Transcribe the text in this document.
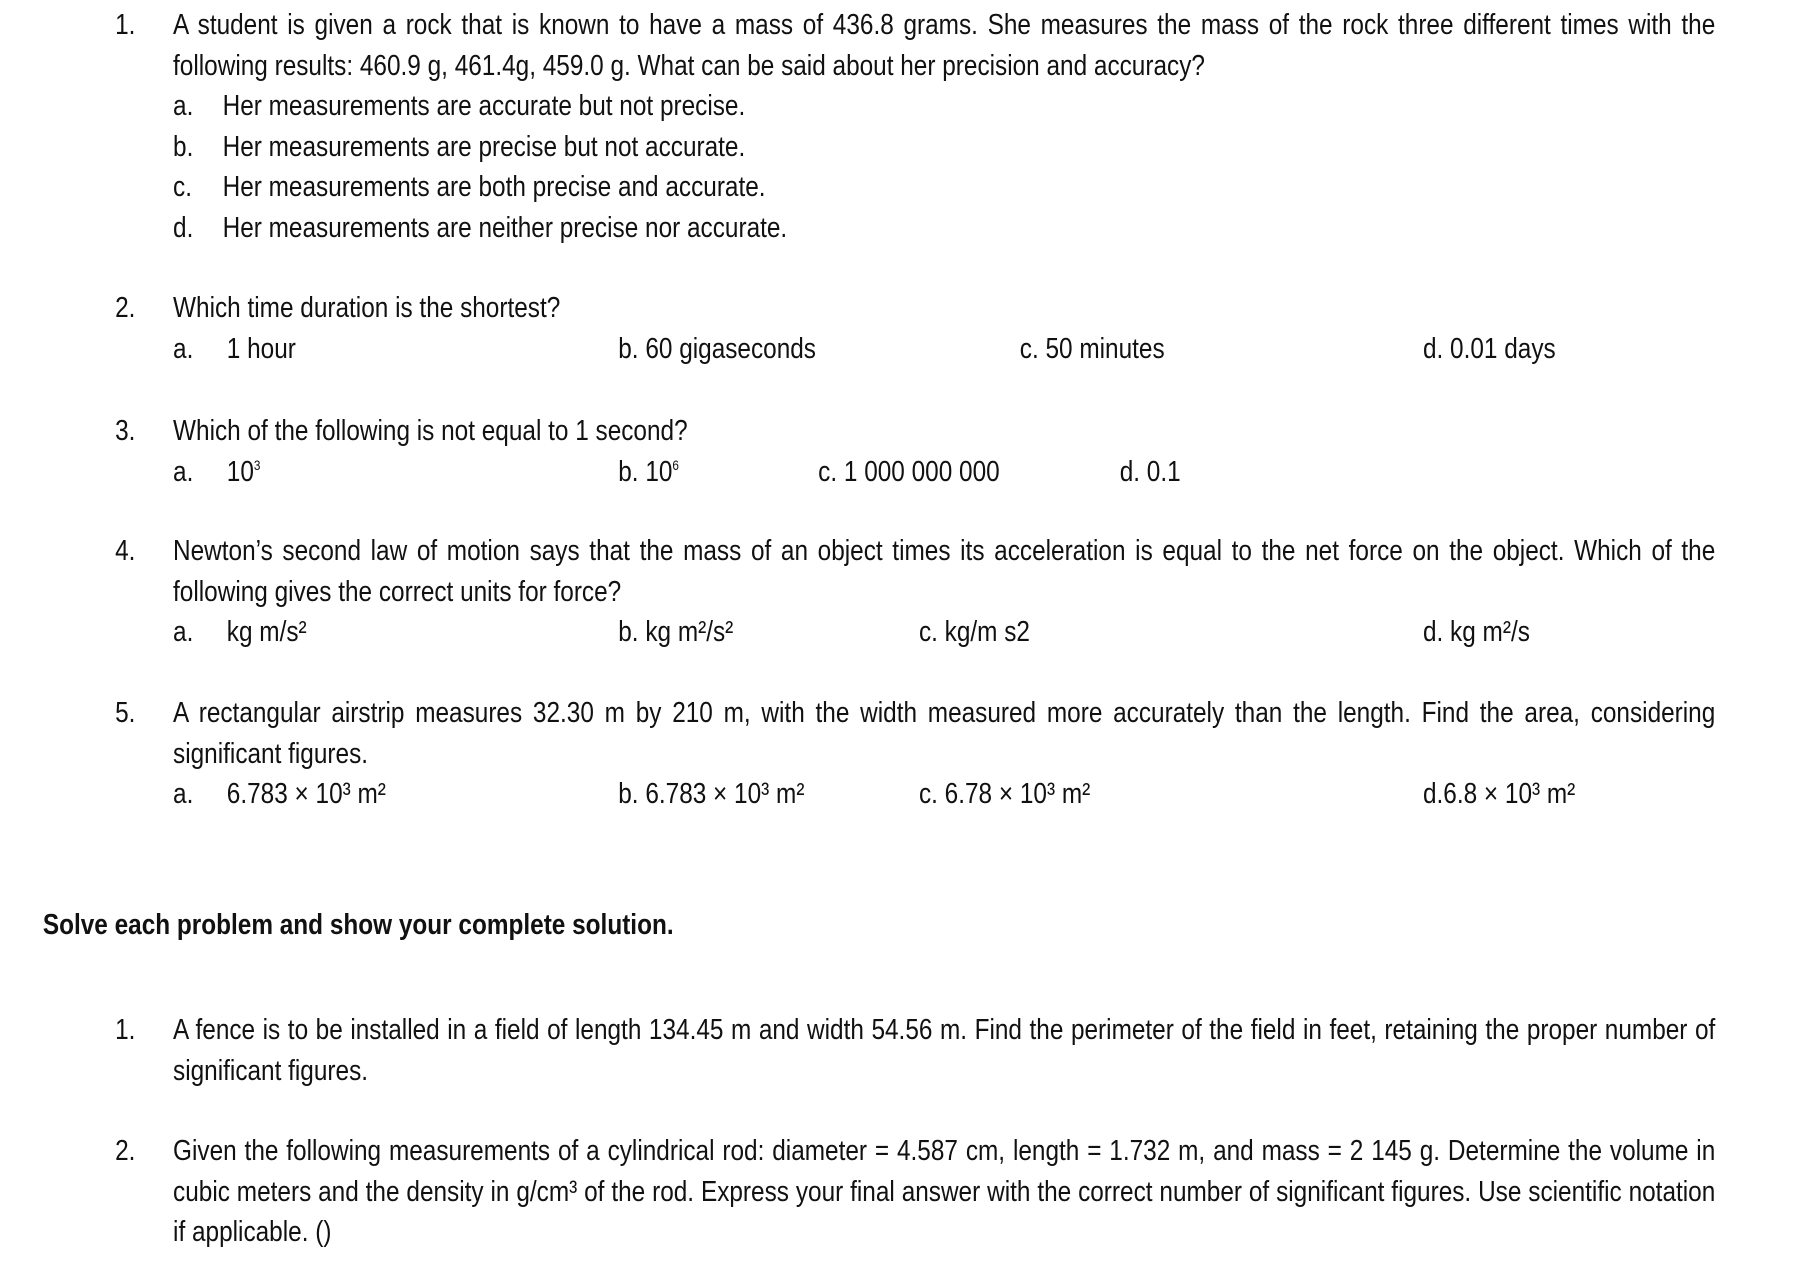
1. A student is given a rock that is known to have a mass of 436.8 grams. She measures the mass of the rock three different times with the following results: 460.9 g, 461.4g, 459.0 g. What can be said about her precision and accuracy?
a. Her measurements are accurate but not precise.
b. Her measurements are precise but not accurate.
c. Her measurements are both precise and accurate.
d. Her measurements are neither precise nor accurate.
2. Which time duration is the shortest?
a. 1 hour	b. 60 gigaseconds	c. 50 minutes	d. 0.01 days
3. Which of the following is not equal to 1 second?
a. $10^3$	b. $10^6$	c. 1 000 000 000	d. 0.1
4. Newton’s second law of motion says that the mass of an object times its acceleration is equal to the net force on the object. Which of the following gives the correct units for force?
a. kg m/s²	b. kg m²/s²	c. kg/m s2	d. kg m²/s
5. A rectangular airstrip measures 32.30 m by 210 m, with the width measured more accurately than the length. Find the area, considering significant figures.
a. 6.783 × 10³ m²	b. 6.783 × 10³ m²	c. 6.78 × 10³ m²	d.6.8 × 10³ m²
Solve each problem and show your complete solution.
1. A fence is to be installed in a field of length 134.45 m and width 54.56 m. Find the perimeter of the field in feet, retaining the proper number of significant figures.
2. Given the following measurements of a cylindrical rod: diameter = 4.587 cm, length = 1.732 m, and mass = 2 145 g. Determine the volume in cubic meters and the density in g/cm³ of the rod. Express your final answer with the correct number of significant figures. Use scientific notation if applicable. ()
